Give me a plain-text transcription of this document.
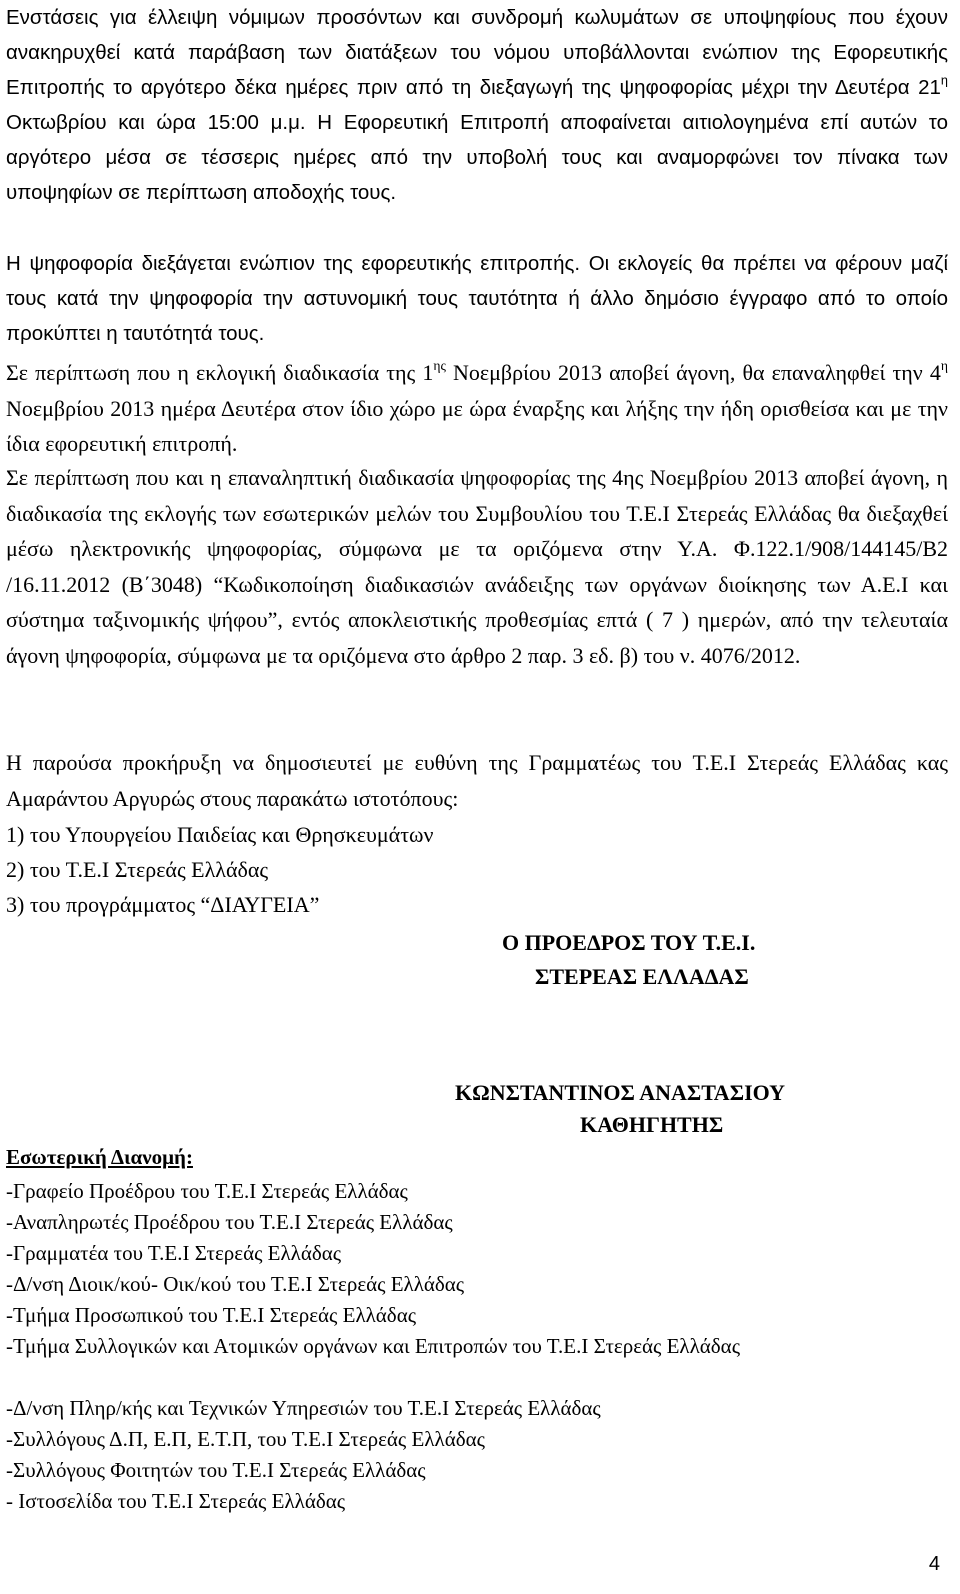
Ενστάσεις για έλλειψη νόμιμων προσόντων και συνδρομή κωλυμάτων σε υποψηφίους που έχουν ανακηρυχθεί κατά παράβαση των διατάξεων του νόμου υποβάλλονται ενώπιον της Εφορευτικής Επιτροπής το αργότερο δέκα ημέρες πριν από τη διεξαγωγή της ψηφοφορίας μέχρι την Δευτέρα $21^\eta$ Οκτωβρίου και ώρα 15:00 μ.μ. Η Εφορευτική Επιτροπή αποφαίνεται αιτιολογημένα επί αυτών το αργότερο μέσα σε τέσσερις ημέρες από την υποβολή τους και αναμορφώνει τον πίνακα των υποψηφίων σε περίπτωση αποδοχής τους.

Η ψηφοφορία διεξάγεται ενώπιον της εφορευτικής επιτροπής. Οι εκλογείς θα πρέπει να φέρουν μαζί τους κατά την ψηφοφορία την αστυνομική τους ταυτότητα ή άλλο δημόσιο έγγραφο από το οποίο προκύπτει η ταυτότητά τους.

Σε περίπτωση που η εκλογική διαδικασία της $1^{\eta\varsigma}$ Νοεμβρίου 2013 αποβεί άγονη, θα επαναληφθεί την $4^\eta$ Νοεμβρίου 2013 ημέρα Δευτέρα στον ίδιο χώρο με ώρα έναρξης και λήξης την ήδη ορισθείσα και με την ίδια εφορευτική επιτροπή.

Σε περίπτωση που και η επαναληπτική διαδικασία ψηφοφορίας της 4ης Νοεμβρίου 2013 αποβεί άγονη, η διαδικασία της εκλογής των εσωτερικών μελών του Συμβουλίου του Τ.Ε.Ι Στερεάς Ελλάδας θα διεξαχθεί μέσω ηλεκτρονικής ψηφοφορίας, σύμφωνα με τα οριζόμενα στην Υ.Α. Φ.122.1/908/144145/Β2 /16.11.2012 (Β΄3048) “Κωδικοποίηση διαδικασιών ανάδειξης των οργάνων διοίκησης των Α.Ε.Ι και σύστημα ταξινομικής ψήφου”, εντός αποκλειστικής προθεσμίας επτά ( 7 ) ημερών, από την τελευταία άγονη ψηφοφορία, σύμφωνα με τα οριζόμενα στο άρθρο 2 παρ. 3 εδ. β) του ν. 4076/2012.

Η παρούσα προκήρυξη να δημοσιευτεί με ευθύνη της Γραμματέως του Τ.Ε.Ι Στερεάς Ελλάδας κας Αμαράντου Αργυρώς στους παρακάτω ιστοτόπους:

1) του Υπουργείου Παιδείας και Θρησκευμάτων

2) του Τ.Ε.Ι Στερεάς Ελλάδας

3) του προγράμματος “ΔΙΑΥΓΕΙΑ”

Ο ΠΡΟΕΔΡΟΣ ΤΟΥ Τ.Ε.Ι.

ΣΤΕΡΕΑΣ ΕΛΛΑΔΑΣ

ΚΩΝΣΤΑΝΤΙΝΟΣ ΑΝΑΣΤΑΣΙΟΥ

ΚΑΘΗΓΗΤΗΣ

Εσωτερική Διανομή:

-Γραφείο Προέδρου του Τ.Ε.Ι Στερεάς Ελλάδας

-Αναπληρωτές Προέδρου του Τ.Ε.Ι Στερεάς Ελλάδας

-Γραμματέα του Τ.Ε.Ι Στερεάς Ελλάδας

-Δ/νση Διοικ/κού- Οικ/κού του Τ.Ε.Ι Στερεάς Ελλάδας

-Τμήμα Προσωπικού του Τ.Ε.Ι Στερεάς Ελλάδας

-Τμήμα Συλλογικών και Ατομικών οργάνων και Επιτροπών του Τ.Ε.Ι Στερεάς Ελλάδας

-Δ/νση Πληρ/κής και Τεχνικών Υπηρεσιών του Τ.Ε.Ι Στερεάς Ελλάδας

-Συλλόγους Δ.Π, Ε.Π, Ε.Τ.Π, του Τ.Ε.Ι Στερεάς Ελλάδας

-Συλλόγους Φοιτητών του Τ.Ε.Ι Στερεάς Ελλάδας

- Ιστοσελίδα του Τ.Ε.Ι Στερεάς Ελλάδας

4
